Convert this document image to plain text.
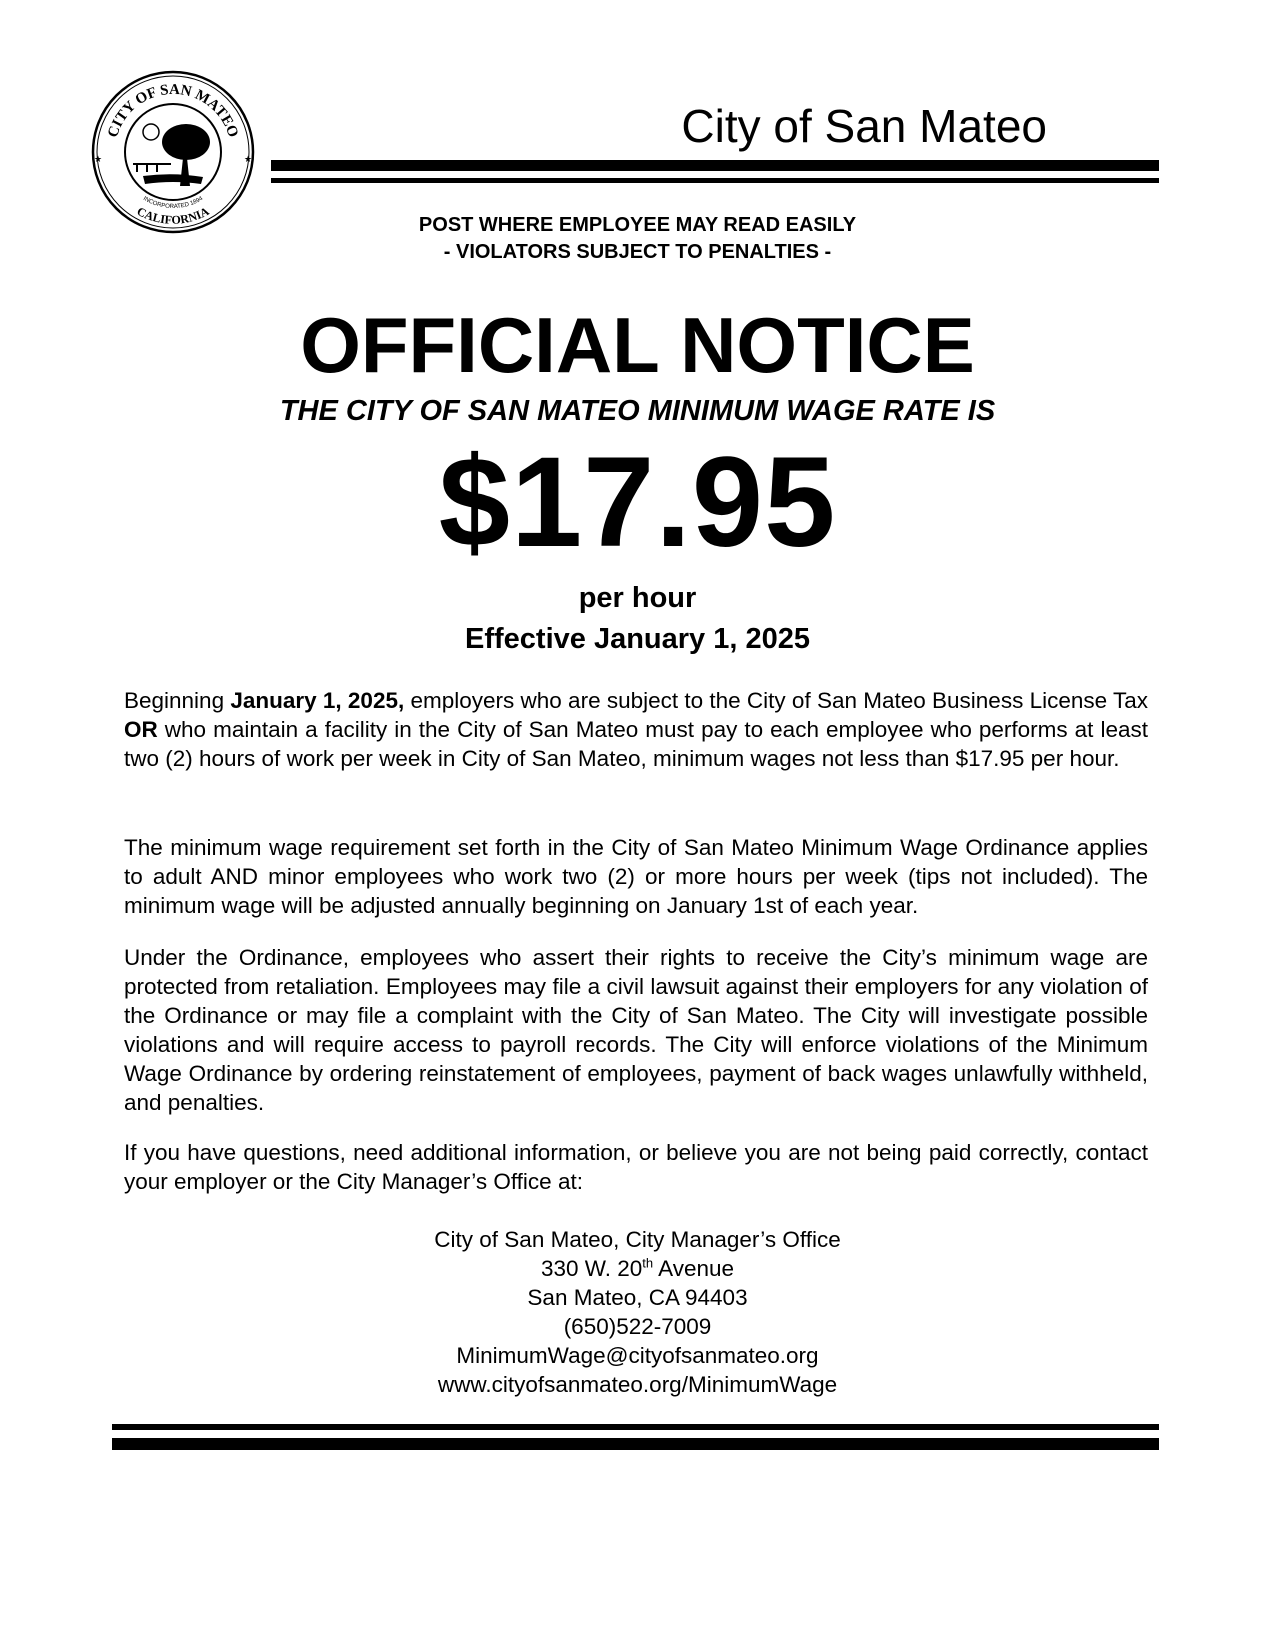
CITY OF SAN MATEO
CALIFORNIA
INCORPORATED 1894
★	★
City of San Mateo
POST WHERE EMPLOYEE MAY READ EASILY
- VIOLATORS SUBJECT TO PENALTIES -
OFFICIAL NOTICE
THE CITY OF SAN MATEO MINIMUM WAGE RATE IS
$17.95
per hour
Effective January 1, 2025
Beginning January 1, 2025, employers who are subject to the City of San Mateo Business License Tax OR who maintain a facility in the City of San Mateo must pay to each employee who performs at least two (2) hours of work per week in City of San Mateo, minimum wages not less than $17.95 per hour.
The minimum wage requirement set forth in the City of San Mateo Minimum Wage Ordinance applies to adult AND minor employees who work two (2) or more hours per week (tips not included). The minimum wage will be adjusted annually beginning on January 1st of each year.
Under the Ordinance, employees who assert their rights to receive the City’s minimum wage are protected from retaliation. Employees may file a civil lawsuit against their employers for any violation of the Ordinance or may file a complaint with the City of San Mateo. The City will investigate possible violations and will require access to payroll records. The City will enforce violations of the Minimum Wage Ordinance by ordering reinstatement of employees, payment of back wages unlawfully withheld, and penalties.
If you have questions, need additional information, or believe you are not being paid correctly, contact your employer or the City Manager’s Office at:
City of San Mateo, City Manager’s Office
330 W. 20th Avenue
San Mateo, CA 94403
(650)522-7009
MinimumWage@cityofsanmateo.org
www.cityofsanmateo.org/MinimumWage
